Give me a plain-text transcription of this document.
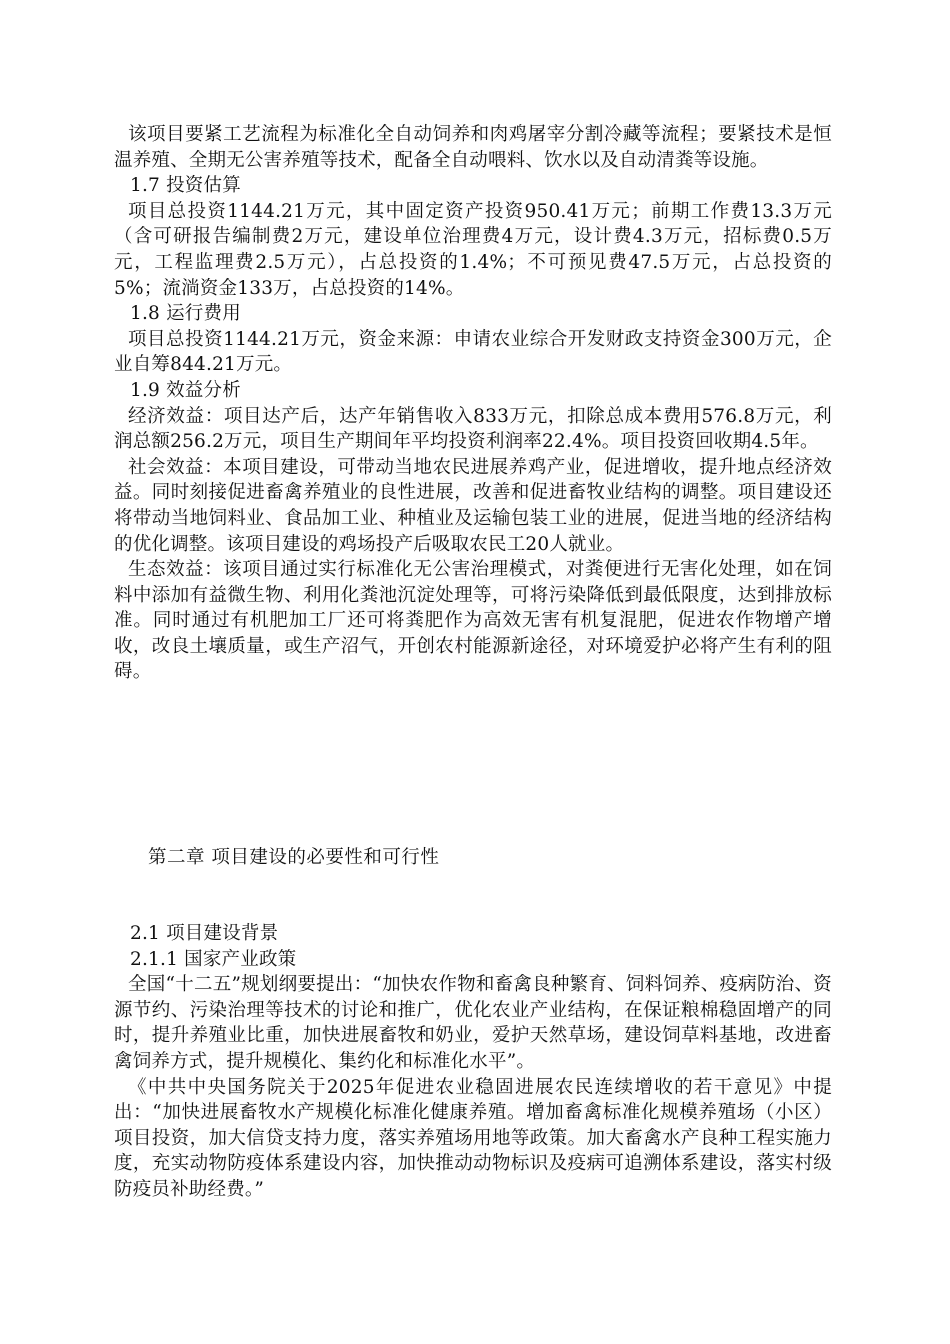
该项目要紧工艺流程为标准化全自动饲养和肉鸡屠宰分割冷藏等流程；要紧技术是恒温养殖、全期无公害养殖等技术，配备全自动喂料、饮水以及自动清粪等设施。

1.7 投资估算

项目总投资1144.21万元，其中固定资产投资950.41万元；前期工作费13.3万元（含可研报告编制费2万元，建设单位治理费4万元，设计费4.3万元，招标费0.5万元，工程监理费2.5万元），占总投资的1.4%；不可预见费47.5万元，占总投资的5%；流淌资金133万，占总投资的14%。

1.8 运行费用

项目总投资1144.21万元，资金来源：申请农业综合开发财政支持资金300万元，企业自筹844.21万元。

1.9 效益分析

经济效益：项目达产后，达产年销售收入833万元，扣除总成本费用576.8万元，利润总额256.2万元，项目生产期间年平均投资利润率22.4%。项目投资回收期4.5年。

社会效益：本项目建设，可带动当地农民进展养鸡产业，促进增收，提升地点经济效益。同时刻接促进畜禽养殖业的良性进展，改善和促进畜牧业结构的调整。项目建设还将带动当地饲料业、食品加工业、种植业及运输包装工业的进展，促进当地的经济结构的优化调整。该项目建设的鸡场投产后吸取农民工20人就业。

生态效益：该项目通过实行标准化无公害治理模式，对粪便进行无害化处理，如在饲料中添加有益微生物、利用化粪池沉淀处理等，可将污染降低到最低限度，达到排放标准。同时通过有机肥加工厂还可将粪肥作为高效无害有机复混肥，促进农作物增产增收，改良土壤质量，或生产沼气，开创农村能源新途径，对环境爱护必将产生有利的阻碍。

第二章 项目建设的必要性和可行性

2.1 项目建设背景

2.1.1 国家产业政策

全国“十二五”规划纲要提出：“加快农作物和畜禽良种繁育、饲料饲养、疫病防治、资源节约、污染治理等技术的讨论和推广，优化农业产业结构，在保证粮棉稳固增产的同时，提升养殖业比重，加快进展畜牧和奶业，爱护天然草场，建设饲草料基地，改进畜禽饲养方式，提升规模化、集约化和标准化水平”。

《中共中央国务院关于2025年促进农业稳固进展农民连续增收的若干意见》中提出：“加快进展畜牧水产规模化标准化健康养殖。增加畜禽标准化规模养殖场（小区）项目投资，加大信贷支持力度，落实养殖场用地等政策。加大畜禽水产良种工程实施力度，充实动物防疫体系建设内容，加快推动动物标识及疫病可追溯体系建设，落实村级防疫员补助经费。”
